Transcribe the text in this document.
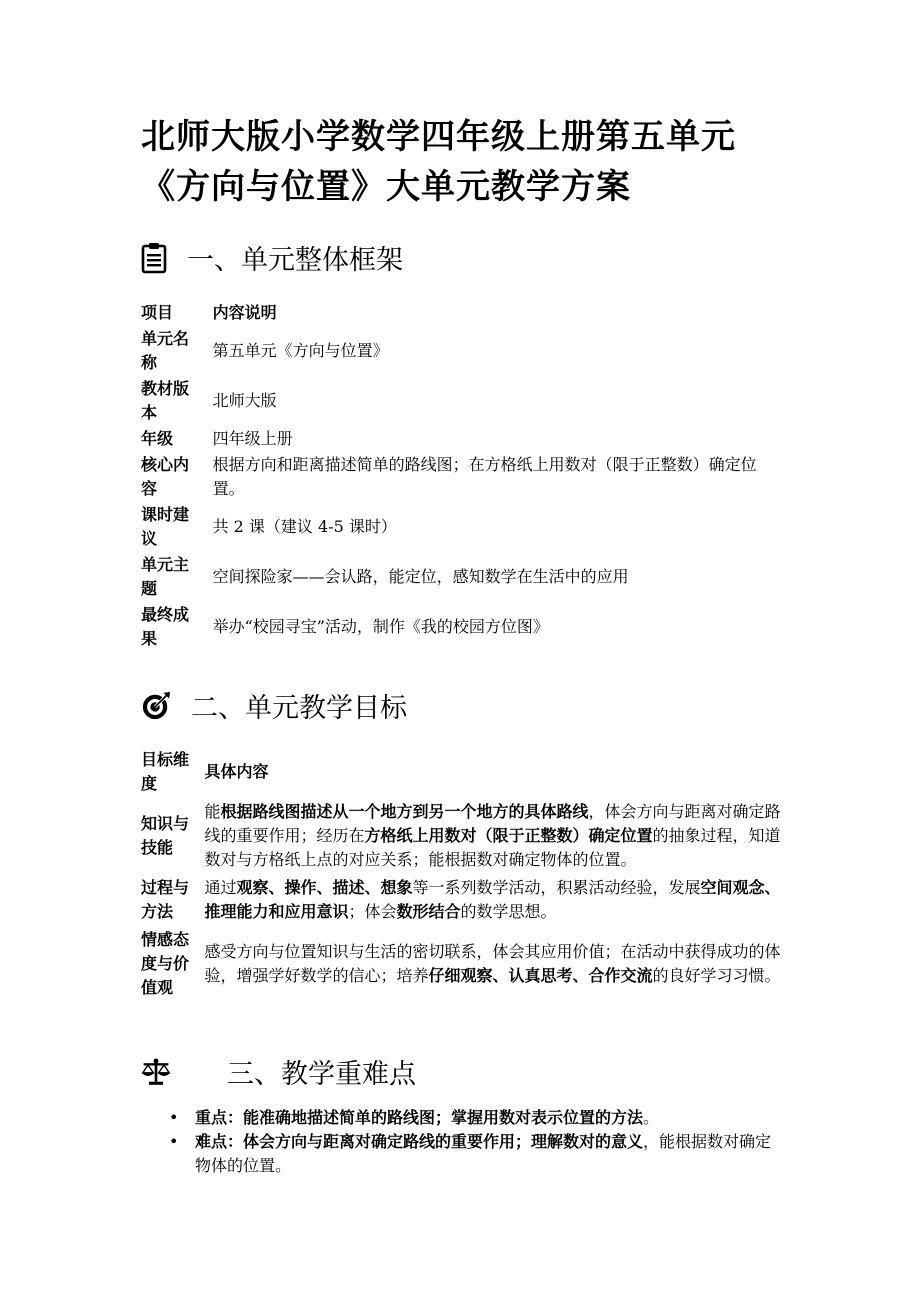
北师大版小学数学四年级上册第五单元
《方向与位置》大单元教学方案
一、单元整体框架
项目	内容说明
单元名称	第五单元《方向与位置》
教材版本	北师大版
年级	四年级上册
核心内容	根据方向和距离描述简单的路线图；在方格纸上用数对（限于正整数）确定位置。
课时建议	共 2 课（建议 4-5 课时）
单元主题	空间探险家——会认路，能定位，感知数学在生活中的应用
最终成果	举办“校园寻宝”活动，制作《我的校园方位图》
二、单元教学目标
目标维度	具体内容
知识与技能	能根据路线图描述从一个地方到另一个地方的具体路线，体会方向与距离对确定路线的重要作用；经历在方格纸上用数对（限于正整数）确定位置的抽象过程，知道数对与方格纸上点的对应关系；能根据数对确定物体的位置。
过程与方法	通过观察、操作、描述、想象等一系列数学活动，积累活动经验，发展空间观念、推理能力和应用意识；体会数形结合的数学思想。
情感态度与价值观	感受方向与位置知识与生活的密切联系，体会其应用价值；在活动中获得成功的体验，增强学好数学的信心；培养仔细观察、认真思考、合作交流的良好学习习惯。
三、教学重难点
• 重点：能准确地描述简单的路线图；掌握用数对表示位置的方法。
• 难点：体会方向与距离对确定路线的重要作用；理解数对的意义，能根据数对确定物体的位置。
